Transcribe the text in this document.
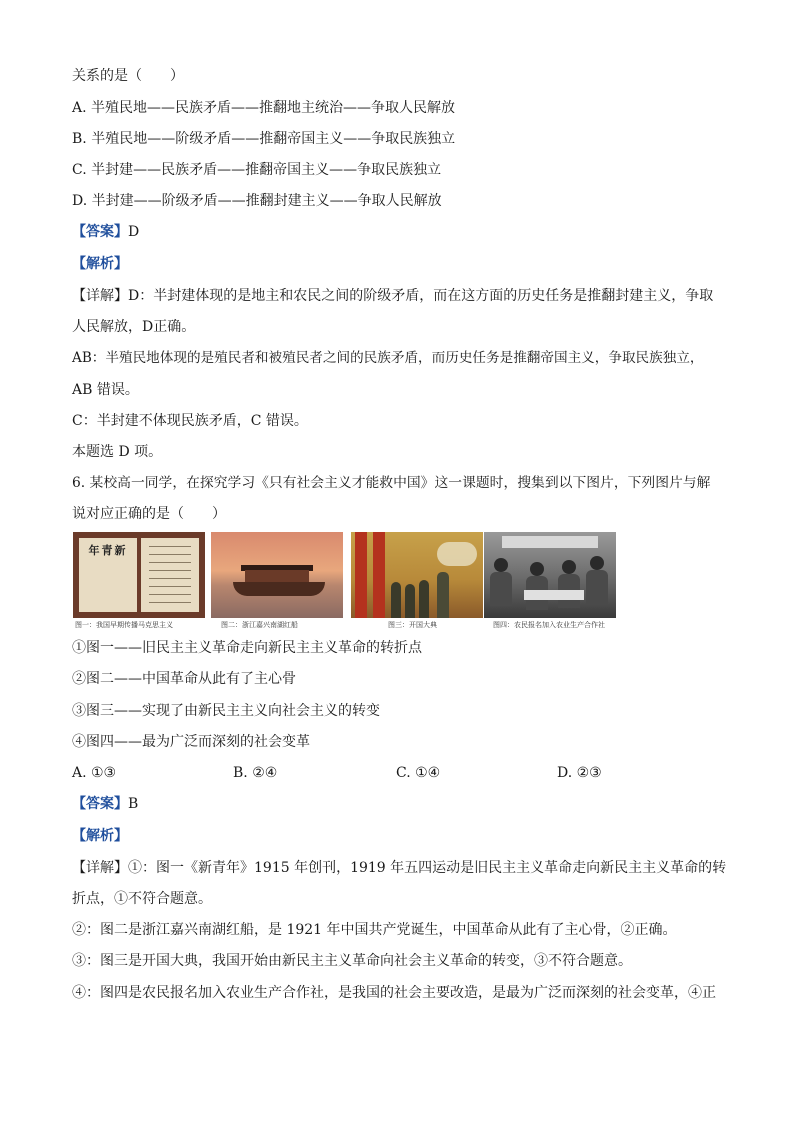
关系的是（　　）
A. 半殖民地——民族矛盾——推翻地主统治——争取人民解放
B. 半殖民地——阶级矛盾——推翻帝国主义——争取民族独立
C. 半封建——民族矛盾——推翻帝国主义——争取民族独立
D. 半封建——阶级矛盾——推翻封建主义——争取人民解放
【答案】D
【解析】
【详解】D：半封建体现的是地主和农民之间的阶级矛盾，而在这方面的历史任务是推翻封建主义，争取
人民解放，D正确。
AB：半殖民地体现的是殖民者和被殖民者之间的民族矛盾，而历史任务是推翻帝国主义，争取民族独立，
AB 错误。
C：半封建不体现民族矛盾，C 错误。
本题选 D 项。
6. 某校高一同学，在探究学习《只有社会主义才能救中国》这一课题时，搜集到以下图片，下列图片与解
说对应正确的是（　　）
年青新
图一：我国早期传播马克思主义	图二：浙江嘉兴南湖红船	图三：开国大典	图四：农民报名加入农业生产合作社
①图一——旧民主主义革命走向新民主主义革命的转折点
②图二——中国革命从此有了主心骨
③图三——实现了由新民主主义向社会主义的转变
④图四——最为广泛而深刻的社会变革
A. ①③	B. ②④	C. ①④	D. ②③
【答案】B
【解析】
【详解】①：图一《新青年》1915 年创刊，1919 年五四运动是旧民主主义革命走向新民主主义革命的转
折点，①不符合题意。
②：图二是浙江嘉兴南湖红船，是 1921 年中国共产党诞生，中国革命从此有了主心骨，②正确。
③：图三是开国大典，我国开始由新民主主义革命向社会主义革命的转变，③不符合题意。
④：图四是农民报名加入农业生产合作社，是我国的社会主要改造，是最为广泛而深刻的社会变革，④正
